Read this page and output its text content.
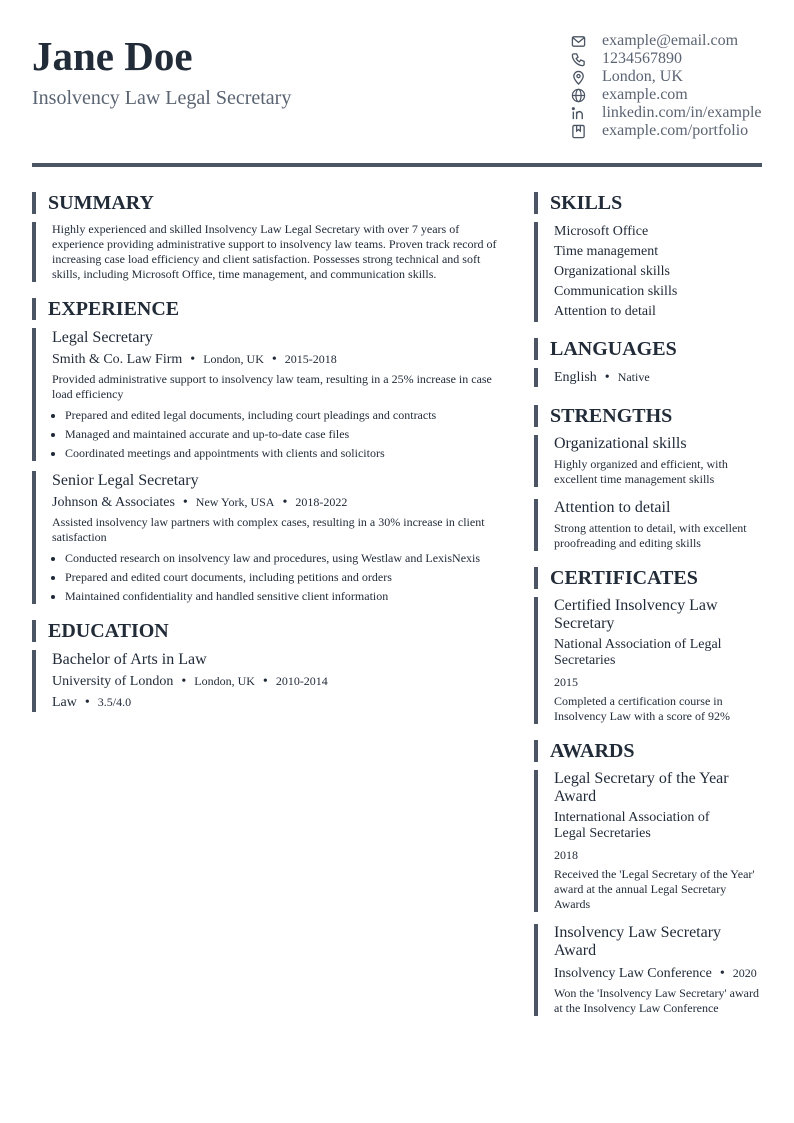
Jane Doe
Insolvency Law Legal Secretary
example@email.com
1234567890
London, UK
example.com
linkedin.com/in/example
example.com/portfolio
SUMMARY
Highly experienced and skilled Insolvency Law Legal Secretary with over 7 years of experience providing administrative support to insolvency law teams. Proven track record of increasing case load efficiency and client satisfaction. Possesses strong technical and soft skills, including Microsoft Office, time management, and communication skills.
EXPERIENCE
Legal Secretary
Smith & Co. Law Firm • London, UK • 2015-2018
Provided administrative support to insolvency law team, resulting in a 25% increase in case load efficiency
• Prepared and edited legal documents, including court pleadings and contracts
• Managed and maintained accurate and up-to-date case files
• Coordinated meetings and appointments with clients and solicitors
Senior Legal Secretary
Johnson & Associates • New York, USA • 2018-2022
Assisted insolvency law partners with complex cases, resulting in a 30% increase in client satisfaction
• Conducted research on insolvency law and procedures, using Westlaw and LexisNexis
• Prepared and edited court documents, including petitions and orders
• Maintained confidentiality and handled sensitive client information
EDUCATION
Bachelor of Arts in Law
University of London • London, UK • 2010-2014
Law • 3.5/4.0
SKILLS
Microsoft Office
Time management
Organizational skills
Communication skills
Attention to detail
LANGUAGES
English • Native
STRENGTHS
Organizational skills
Highly organized and efficient, with excellent time management skills
Attention to detail
Strong attention to detail, with excellent proofreading and editing skills
CERTIFICATES
Certified Insolvency Law Secretary
National Association of Legal Secretaries
2015
Completed a certification course in Insolvency Law with a score of 92%
AWARDS
Legal Secretary of the Year Award
International Association of Legal Secretaries
2018
Received the 'Legal Secretary of the Year' award at the annual Legal Secretary Awards
Insolvency Law Secretary Award
Insolvency Law Conference • 2020
Won the 'Insolvency Law Secretary' award at the Insolvency Law Conference
